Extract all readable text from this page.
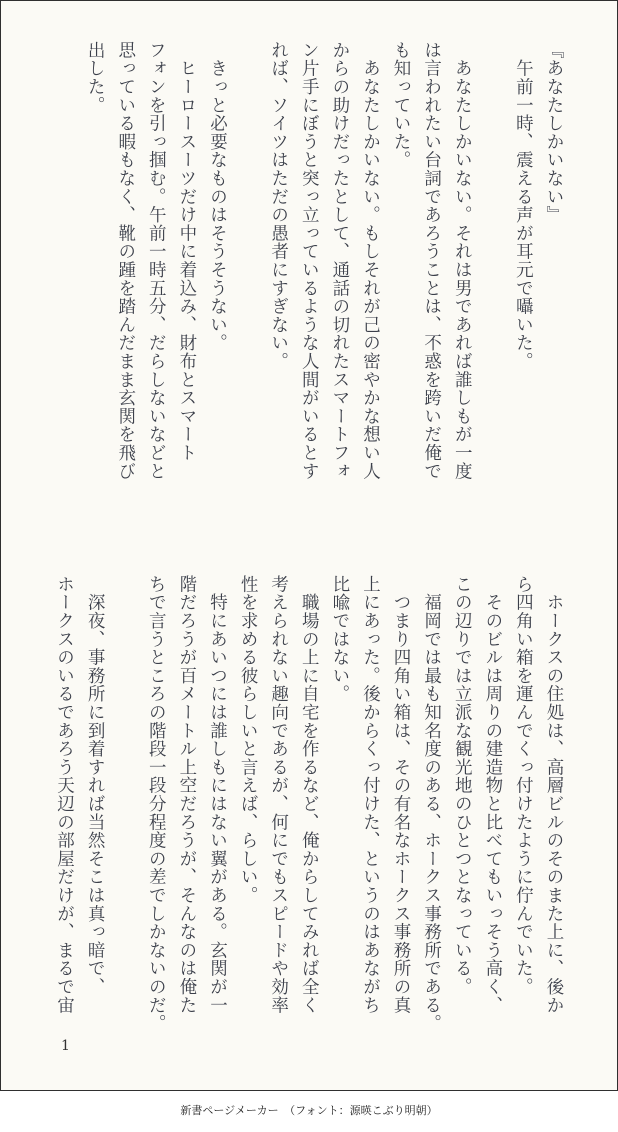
『あなたしかいない』
　午前一時、震える声が耳元で囁いた。
　あなたしかいない。それは男であれば誰しもが一度
は言われたい台詞であろうことは、不惑を跨いだ俺で
も知っていた。
　あなたしかいない。もしそれが己の密やかな想い人
からの助けだったとして、通話の切れたスマートフォ
ン片手にぼうと突っ立っているような人間がいるとす
れば、ソイツはただの愚者にすぎない。
　きっと必要なものはそうそうない。
　ヒーロースーツだけ中に着込み、財布とスマート
フォンを引っ掴む。午前一時五分、だらしないなどと
思っている暇もなく、靴の踵を踏んだまま玄関を飛び
出した。
　ホークスの住処は、高層ビルのそのまた上に、後か
ら四角い箱を運んでくっ付けたように佇んでいた。
　そのビルは周りの建造物と比べてもいっそう高く、
この辺りでは立派な観光地のひとつとなっている。
　福岡では最も知名度のある、ホークス事務所である。
　つまり四角い箱は、その有名なホークス事務所の真
上にあった。後からくっ付けた、というのはあながち
比喩ではない。
　職場の上に自宅を作るなど、俺からしてみれば全く
考えられない趣向であるが、何にでもスピードや効率
性を求める彼らしいと言えば、らしい。
　特にあいつには誰しもにはない翼がある。玄関が一
階だろうが百メートル上空だろうが、そんなのは俺た
ちで言うところの階段一段分程度の差でしかないのだ。
　深夜、事務所に到着すれば当然そこは真っ暗で、
ホークスのいるであろう天辺の部屋だけが、まるで宙
1
新書ページメーカー　（フォント：源暎こぶり明朝）
